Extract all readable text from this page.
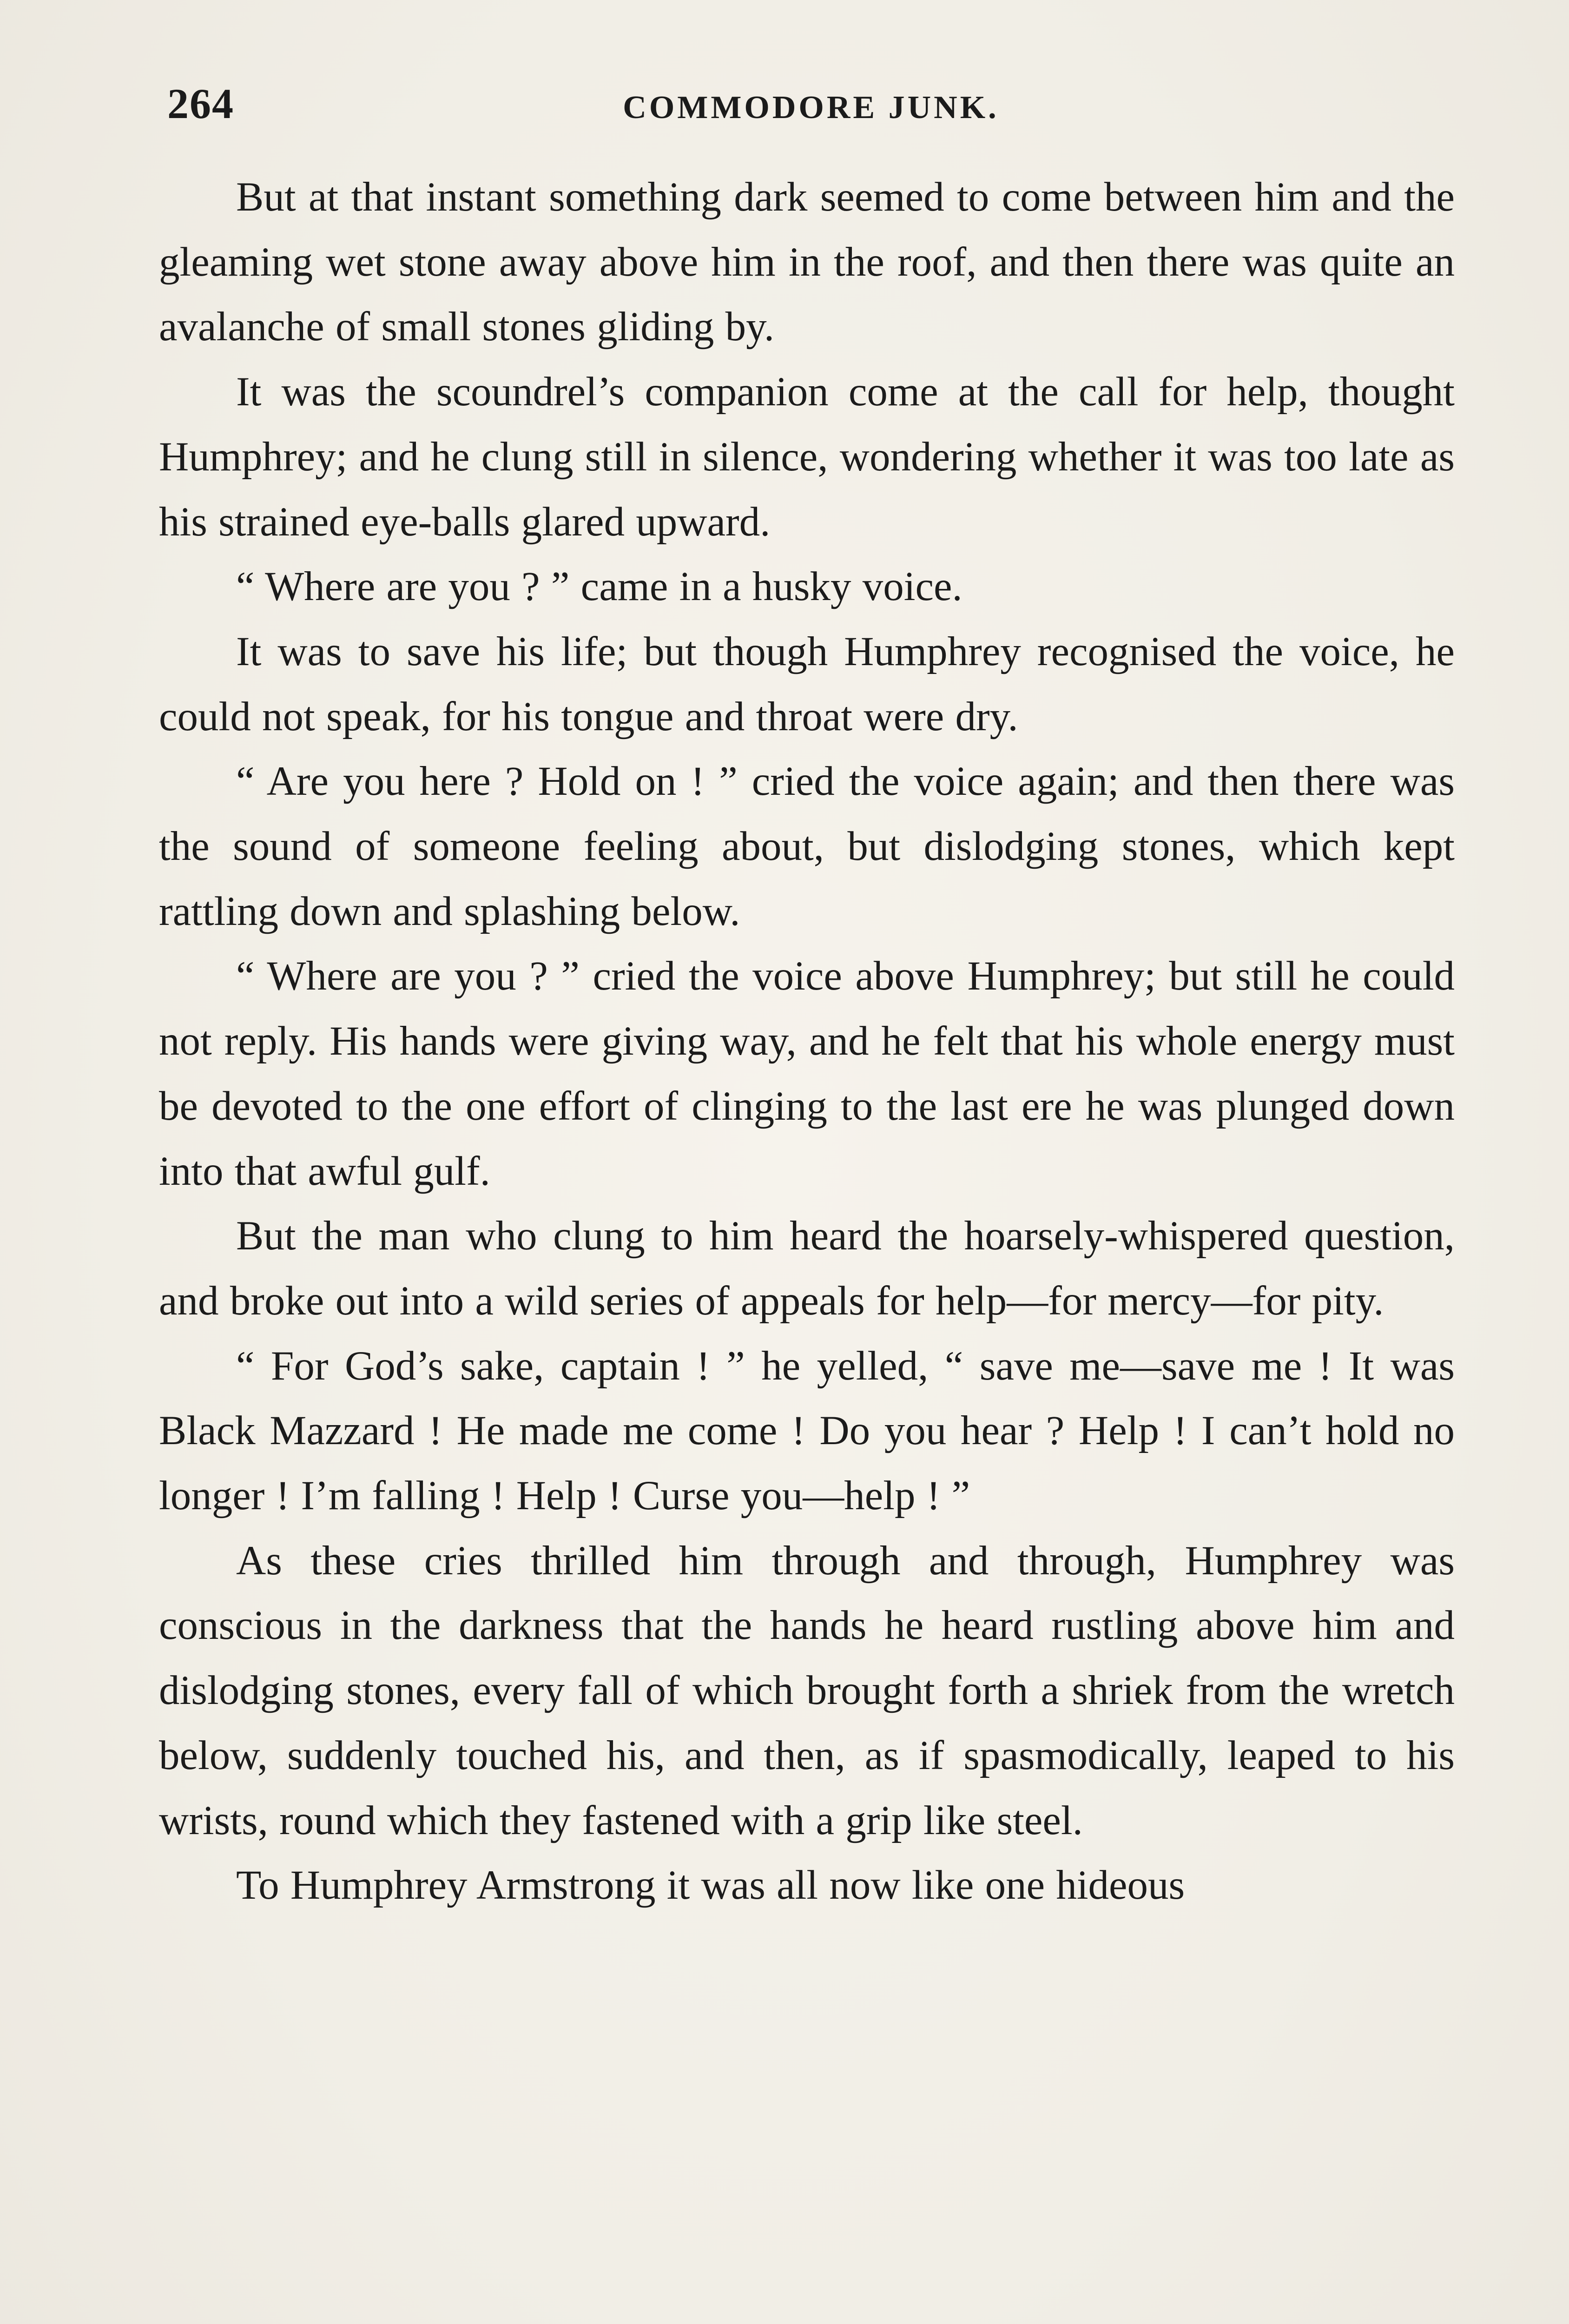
264	COMMODORE JUNK.

But at that instant something dark seemed to come between him and the gleaming wet stone away above him in the roof, and then there was quite an avalanche of small stones gliding by.

It was the scoundrel’s companion come at the call for help, thought Humphrey; and he clung still in silence, wondering whether it was too late as his strained eye-balls glared upward.

“ Where are you ? ” came in a husky voice.

It was to save his life; but though Humphrey recognised the voice, he could not speak, for his tongue and throat were dry.

“ Are you here ? Hold on ! ” cried the voice again; and then there was the sound of someone feeling about, but dislodging stones, which kept rattling down and splashing below.

“ Where are you ? ” cried the voice above Humphrey; but still he could not reply. His hands were giving way, and he felt that his whole energy must be devoted to the one effort of clinging to the last ere he was plunged down into that awful gulf.

But the man who clung to him heard the hoarsely-whispered question, and broke out into a wild series of appeals for help—for mercy—for pity.

“ For God’s sake, captain ! ” he yelled, “ save me—save me ! It was Black Mazzard ! He made me come ! Do you hear ? Help ! I can’t hold no longer ! I’m falling ! Help ! Curse you—help ! ”

As these cries thrilled him through and through, Humphrey was conscious in the darkness that the hands he heard rustling above him and dislodging stones, every fall of which brought forth a shriek from the wretch below, suddenly touched his, and then, as if spasmodically, leaped to his wrists, round which they fastened with a grip like steel.

To Humphrey Armstrong it was all now like one hideous
